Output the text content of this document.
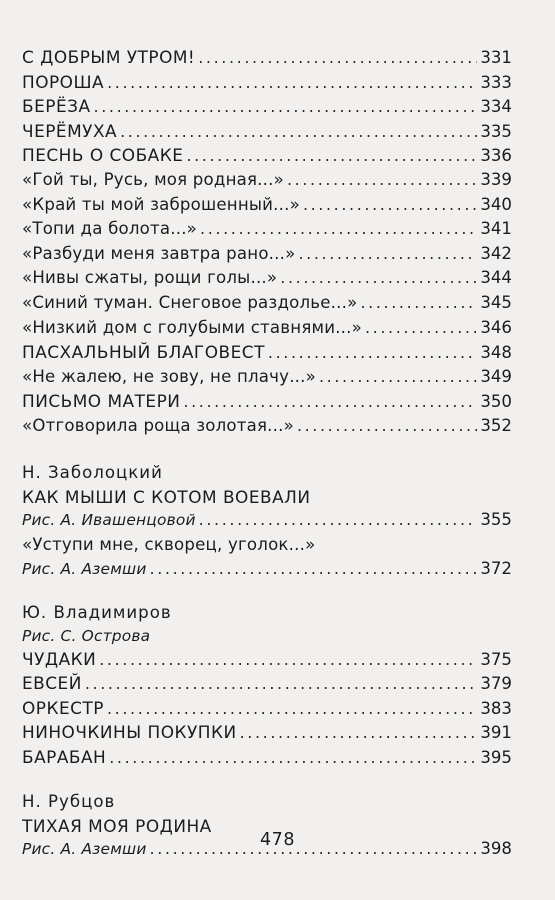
С ДОБРЫМ УТРОМ! .....	331
ПОРОША .....	333
БЕРЁЗА .....	334
ЧЕРЁМУХА .....	335
ПЕСНЬ О СОБАКЕ .....	336
«Гой ты, Русь, моя родная...» .....	339
«Край ты мой заброшенный...» .....	340
«Топи да болота...» .....	341
«Разбуди меня завтра рано...» .....	342
«Нивы сжаты, рощи голы...» .....	344
«Синий туман. Снеговое раздолье...» .....	345
«Низкий дом с голубыми ставнями...» .....	346
ПАСХАЛЬНЫЙ БЛАГОВЕСТ .....	348
«Не жалею, не зову, не плачу...» .....	349
ПИСЬМО МАТЕРИ .....	350
«Отговорила роща золотая...» .....	352
Н. Заболоцкий
КАК МЫШИ С КОТОМ ВОЕВАЛИ
Рис. А. Ивашенцовой .....	355
«Уступи мне, скворец, уголок...»
Рис. А. Аземши .....	372
Ю. Владимиров
Рис. С. Острова
ЧУДАКИ .....	375
ЕВСЕЙ .....	379
ОРКЕСТР .....	383
НИНОЧКИНЫ ПОКУПКИ .....	391
БАРАБАН .....	395
Н. Рубцов
ТИХАЯ МОЯ РОДИНА
Рис. А. Аземши .....	398
478
